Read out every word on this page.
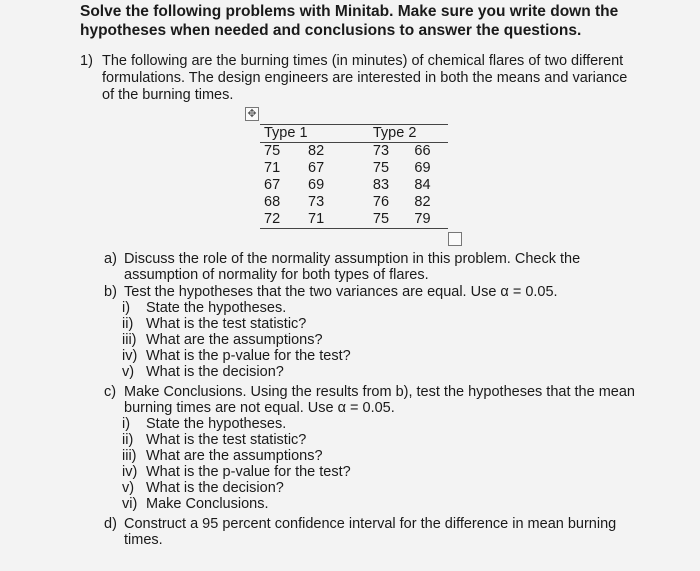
Solve the following problems with Minitab. Make sure you write down the hypotheses when needed and conclusions to answer the questions.
1) The following are the burning times (in minutes) of chemical flares of two different formulations. The design engineers are interested in both the means and variance of the burning times.
✥
Type 1		Type 2	
75	82	73	66
71	67	75	69
67	69	83	84
68	73	76	82
72	71	75	79
a) Discuss the role of the normality assumption in this problem. Check the
assumption of normality for both types of flares.
b) Test the hypotheses that the two variances are equal. Use α = 0.05.
i) State the hypotheses.
ii) What is the test statistic?
iii) What are the assumptions?
iv) What is the p-value for the test?
v) What is the decision?
c) Make Conclusions. Using the results from b), test the hypotheses that the mean
burning times are not equal. Use α = 0.05.
i) State the hypotheses.
ii) What is the test statistic?
iii) What are the assumptions?
iv) What is the p-value for the test?
v) What is the decision?
vi) Make Conclusions.
d) Construct a 95 percent confidence interval for the difference in mean burning
times.
